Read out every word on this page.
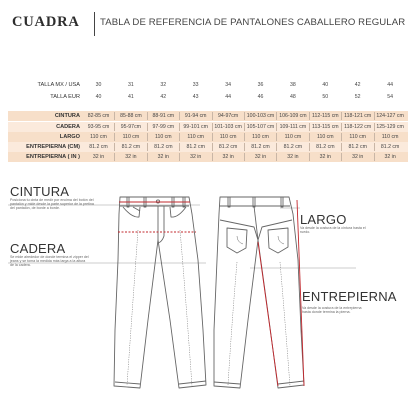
CUADRA TABLA DE REFERENCIA DE PANTALONES CABALLERO REGULAR
TALLA MX / USA	30	31	32	33	34	36	38	40	42	44
TALLA EUR	40	41	42	43	44	46	48	50	52	54
CINTURA	82-85 cm	85-88 cm	88-91 cm	91-94 cm	94-97cm	100-103 cm 106-109 cm 112-115 cm 118-121 cm 124-127 cm
CADERA	93-95 cm	95-97cm	97-99 cm	99-101 cm	101-103 cm 105-107 cm 109-111 cm 113-115 cm 118-122 cm 125-129 cm
LARGO	110 cm	110 cm	110 cm	110 cm	110 cm	110 cm	110 cm	110 cm	110 cm	110 cm
ENTREPIERNA (CM)	81.2 cm	81.2 cm	81.2 cm	81.2 cm	81.2 cm	81.2 cm	81.2 cm	81.2 cm	81.2 cm	81.2 cm
ENTREPIERNA ( IN )	32 in	32 in	32 in	32 in	32 in	32 in	32 in	32 in	32 in	32 in
CINTURA
Posiciona tu cinta de medir por encima del botón del
pantalón y mide desde la parte superior de la pretina
del pantalón, de borde a borde.
CADERA
Se mide alrededor de donde termina el zipper del
jeans y se toma la medida más larga a la altura
de la cadera.
LARGO
Va desde la costura de la cintura hasta el
ruedo.
ENTREPIERNA
Va desde la costura de la entrepierna
hasta donde termina la pierna.
